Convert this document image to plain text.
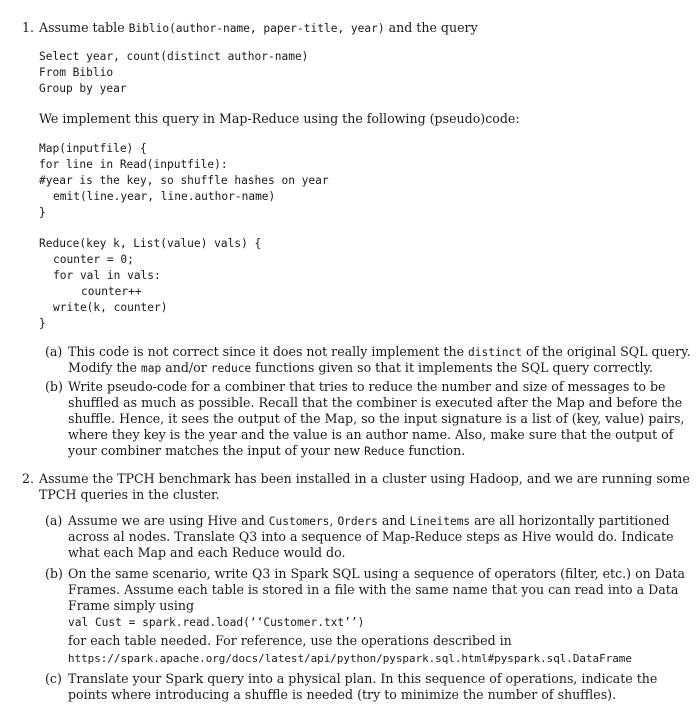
1. Assume table Biblio(author-name, paper-title, year) and the query
Select year, count(distinct author-name)
From Biblio
Group by year
We implement this query in Map-Reduce using the following (pseudo)code:
Map(inputfile) {
for line in Read(inputfile):
#year is the key, so shuffle hashes on year
emit(line.year, line.author-name)
}
Reduce(key k, List(value) vals) {
counter = 0;
for val in vals:
counter++
write(k, counter)
}
(a) This code is not correct since it does not really implement the distinct of the original SQL query.
Modify the map and/or reduce functions given so that it implements the SQL query correctly.
(b) Write pseudo-code for a combiner that tries to reduce the number and size of messages to be
shuffled as much as possible. Recall that the combiner is executed after the Map and before the
shuffle. Hence, it sees the output of the Map, so the input signature is a list of (key, value) pairs,
where they key is the year and the value is an author name. Also, make sure that the output of
your combiner matches the input of your new Reduce function.
2. Assume the TPCH benchmark has been installed in a cluster using Hadoop, and we are running some
TPCH queries in the cluster.
(a) Assume we are using Hive and Customers, Orders and Lineitems are all horizontally partitioned
across al nodes. Translate Q3 into a sequence of Map-Reduce steps as Hive would do. Indicate
what each Map and each Reduce would do.
(b) On the same scenario, write Q3 in Spark SQL using a sequence of operators (filter, etc.) on Data
Frames. Assume each table is stored in a file with the same name that you can read into a Data
Frame simply using
val Cust = spark.read.load(‘‘Customer.txt’’)
for each table needed. For reference, use the operations described in
https://spark.apache.org/docs/latest/api/python/pyspark.sql.html#pyspark.sql.DataFrame
(c) Translate your Spark query into a physical plan. In this sequence of operations, indicate the
points where introducing a shuffle is needed (try to minimize the number of shuffles).
